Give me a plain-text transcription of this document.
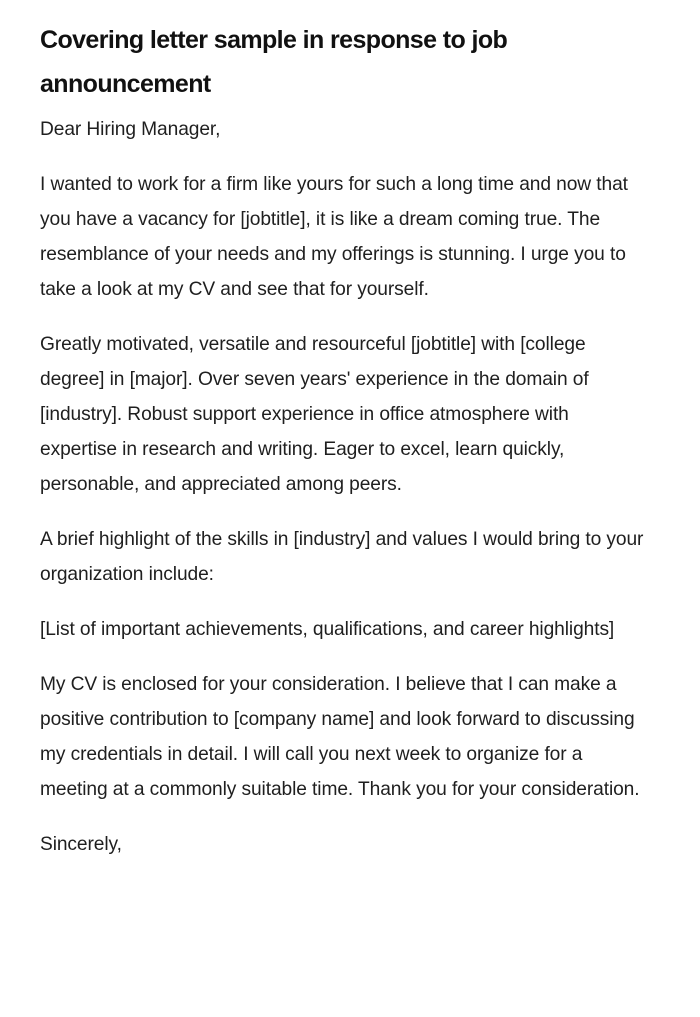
Covering letter sample in response to job announcement

Dear Hiring Manager,

I wanted to work for a firm like yours for such a long time and now that you have a vacancy for [jobtitle], it is like a dream coming true. The resemblance of your needs and my offerings is stunning. I urge you to take a look at my CV and see that for yourself.

Greatly motivated, versatile and resourceful [jobtitle] with [college degree] in [major]. Over seven years' experience in the domain of [industry]. Robust support experience in office atmosphere with expertise in research and writing. Eager to excel, learn quickly, personable, and appreciated among peers.

A brief highlight of the skills in [industry] and values I would bring to your organization include:

[List of important achievements, qualifications, and career highlights]

My CV is enclosed for your consideration. I believe that I can make a positive contribution to [company name] and look forward to discussing my credentials in detail. I will call you next week to organize for a meeting at a commonly suitable time. Thank you for your consideration.

Sincerely,
